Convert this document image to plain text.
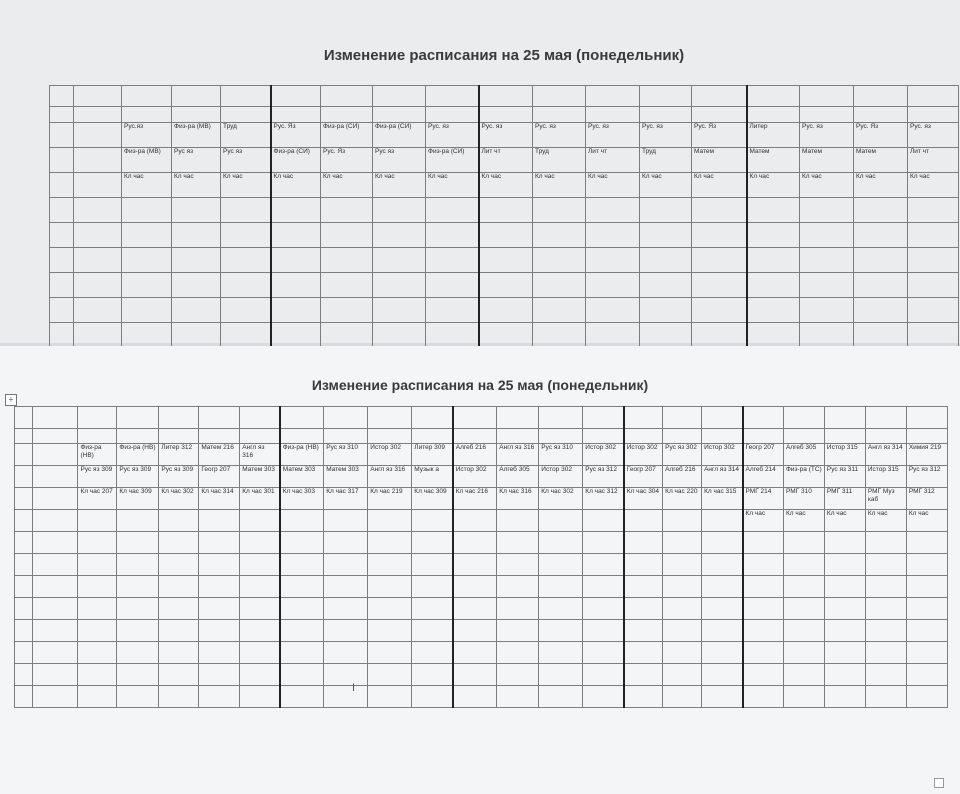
Изменение расписания на 25 мая (понедельник)

		Рус.яз	Физ-ра (МВ)	Труд	Рус. Яз	Физ-ра (СИ)	Физ-ра (СИ)	Рус. яз	Рус. яз	Рус. яз	Рус. яз	Рус. яз	Рус. Яз	Литер	Рус. яз	Рус. Яз	Рус. яз
		Физ-ра (МВ)	Рус яз	Рус яз	Физ-ра (СИ)	Рус. Яз	Рус яз	Физ-ра (СИ)	Лит чт	Труд	Лит чт	Труд	Матем	Матем	Матем	Матем	Лит чт
		Кл час	Кл час	Кл час	Кл час	Кл час	Кл час	Кл час	Кл час	Кл час	Кл час	Кл час	Кл час	Кл час	Кл час	Кл час	Кл час

+
Изменение расписания на 25 мая (понедельник)

		Физ-ра (НВ)	Физ-ра (НВ)	Литер 312	Матем 216	Англ яз 316	Физ-ра (НВ)	Рус яз 310	Истор 302	Литер 309	Алгеб 216	Англ яз 316	Рус яз 310	Истор 302	Истор 302	Рус яз 302	Истор 302	Геогр 207	Алгеб 305	Истор 315	Англ яз 314	Химия 219
		Рус яз 309	Рус яз 309	Рус яз 309	Геогр 207	Матем 303	Матем 303	Матем 303	Англ яз 316	Музык а	Истор 302	Алгеб 305	Истор 302	Рус яз 312	Геогр 207	Алгеб 216	Англ яз 314	Алгеб 214	Физ-ра (ТС)	Рус яз 311	Истор 315	Рус яз 312
		Кл час 207	Кл час 309	Кл час 302	Кл час 314	Кл час 301	Кл час 303	Кл час 317	Кл час 219	Кл час 309	Кл час 216	Кл час 316	Кл час 302	Кл час 312	Кл час 304	Кл час 220	Кл час 315	РМГ 214	РМГ 310	РМГ 311	РМГ Муз каб	РМГ 312
																		Кл час	Кл час	Кл час	Кл час	Кл час

I
